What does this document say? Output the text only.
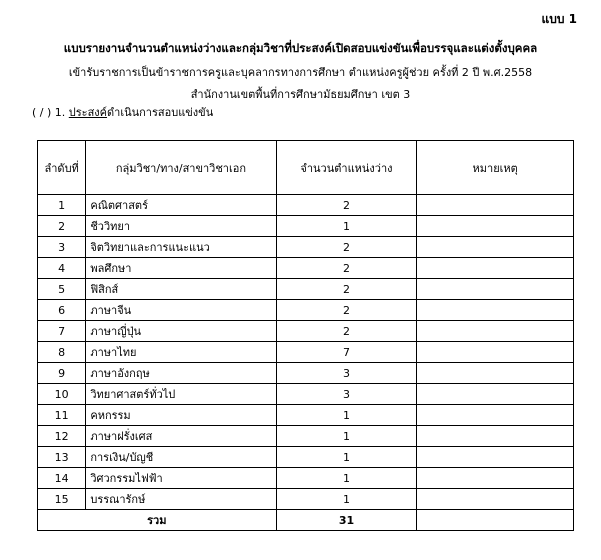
แบบ 1
แบบรายงานจำนวนตำแหน่งว่างและกลุ่มวิชาที่ประสงค์เปิดสอบแข่งขันเพื่อบรรจุและแต่งตั้งบุคคล
เข้ารับราชการเป็นข้าราชการครูและบุคลากรทางการศึกษา ตำแหน่งครูผู้ช่วย ครั้งที่ 2 ปี พ.ศ.2558
สำนักงานเขตพื้นที่การศึกษามัธยมศึกษา เขต 3
( / ) 1. ประสงค์ดำเนินการสอบแข่งขัน
ลำดับที่	กลุ่มวิชา/ทาง/สาขาวิชาเอก	จำนวนตำแหน่งว่าง	หมายเหตุ
1	คณิตศาสตร์	2	
2	ชีววิทยา	1	
3	จิตวิทยาและการแนะแนว	2	
4	พลศึกษา	2	
5	ฟิสิกส์	2	
6	ภาษาจีน	2	
7	ภาษาญี่ปุ่น	2	
8	ภาษาไทย	7	
9	ภาษาอังกฤษ	3	
10	วิทยาศาสตร์ทั่วไป	3	
11	คหกรรม	1	
12	ภาษาฝรั่งเศส	1	
13	การเงิน/บัญชี	1	
14	วิศวกรรมไฟฟ้า	1	
15	บรรณารักษ์	1	
รวม		31	
